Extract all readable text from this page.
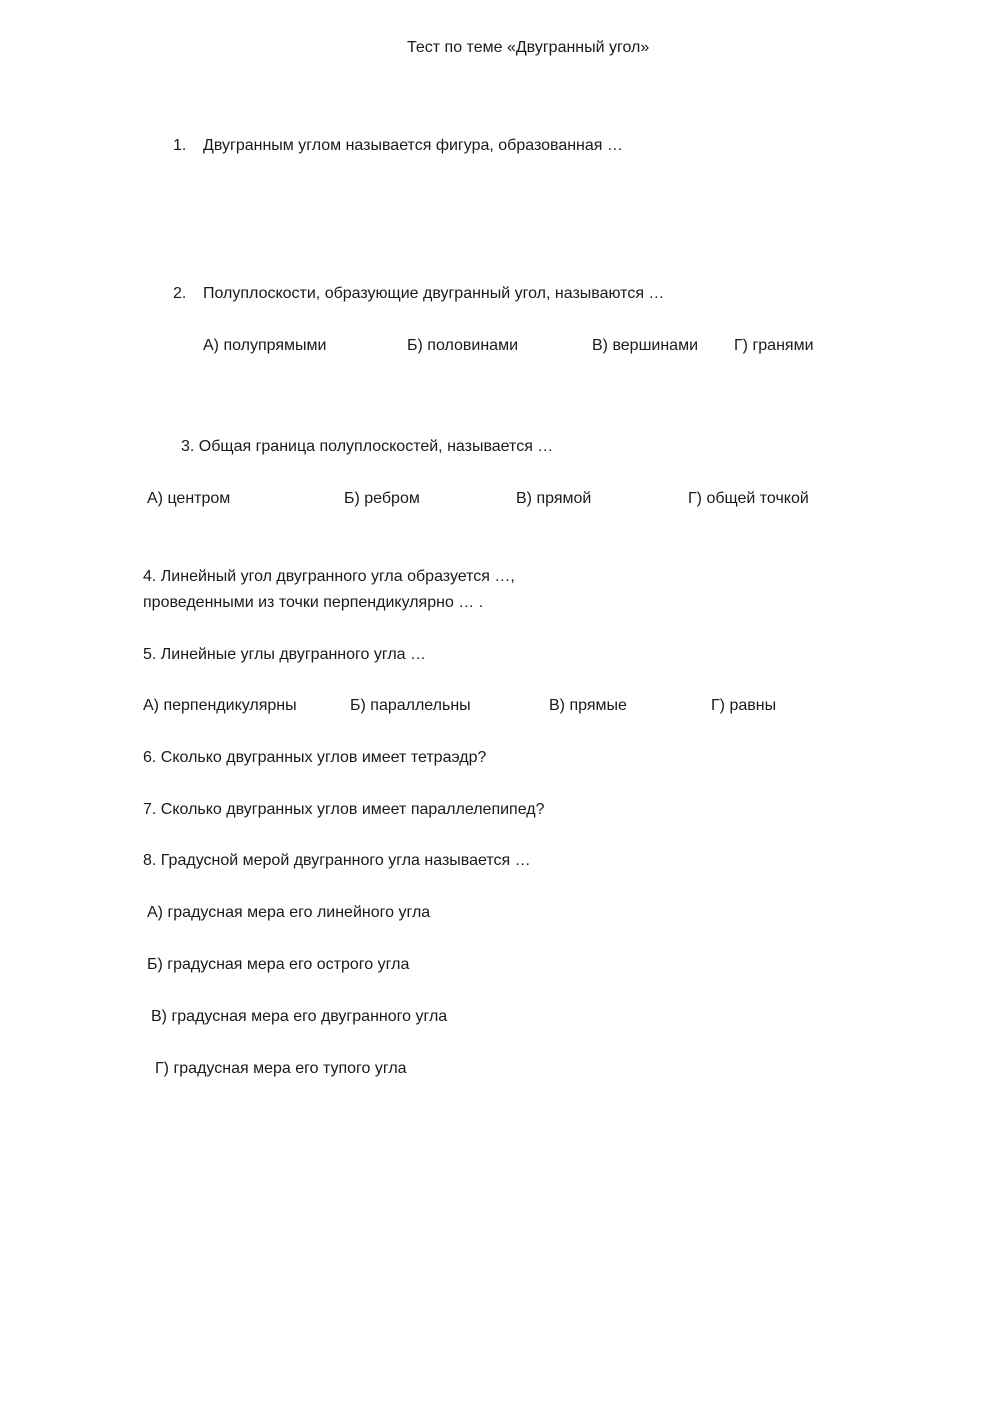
Тест по теме «Двугранный угол»
1. Двугранным углом называется фигура, образованная …
2. Полуплоскости, образующие двугранный угол, называются …
А) полупрямыми	Б) половинами	В) вершинами Г) гранями
3. Общая граница полуплоскостей, называется …
А) центром	Б) ребром	В) прямой	Г) общей точкой
4. Линейный угол двугранного угла образуется …,
проведенными из точки перпендикулярно … .
5. Линейные углы двугранного угла …
А) перпендикулярны	Б) параллельны	В) прямые	Г) равны
6. Сколько двугранных углов имеет тетраэдр?
7. Сколько двугранных углов имеет параллелепипед?
8. Градусной мерой двугранного угла называется …
А) градусная мера его линейного угла
Б) градусная мера его острого угла
В) градусная мера его двугранного угла
Г) градусная мера его тупого угла
